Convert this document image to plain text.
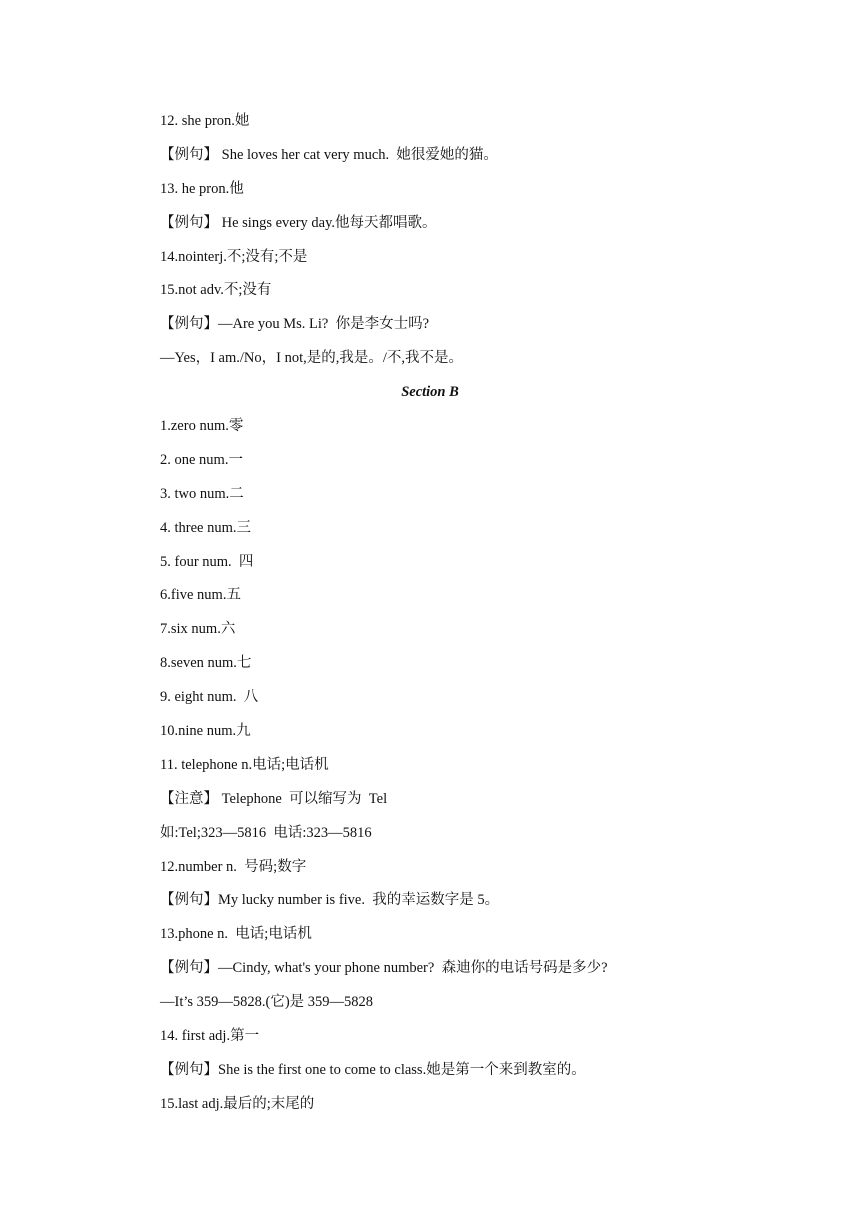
12. she pron.她
【例句】 She loves her cat very much.  她很爱她的猫。
13. he pron.他
【例句】 He sings every day.他每天都唱歌。
14.nointerj.不;没有;不是
15.not adv.不;没有
【例句】—Are you Ms. Li?  你是李女士吗?
—Yes，I am./No，I not,是的,我是。/不,我不是。
Section B
1.zero num.零
2. one num.一
3. two num.二
4. three num.三
5. four num.  四
6.five num.五
7.six num.六
8.seven num.七
9. eight num.  八
10.nine num.九
11. telephone n.电话;电话机
【注意】 Telephone  可以缩写为  Tel
如:Tel;323—5816  电话:323—5816
12.number n.  号码;数字
【例句】My lucky number is five.  我的幸运数字是 5。
13.phone n.  电话;电话机
【例句】—Cindy, what's your phone number?  森迪你的电话号码是多少?
—It’s 359—5828.(它)是 359—5828
14. first adj.第一
【例句】She is the first one to come to class.她是第一个来到教室的。
15.last adj.最后的;末尾的
